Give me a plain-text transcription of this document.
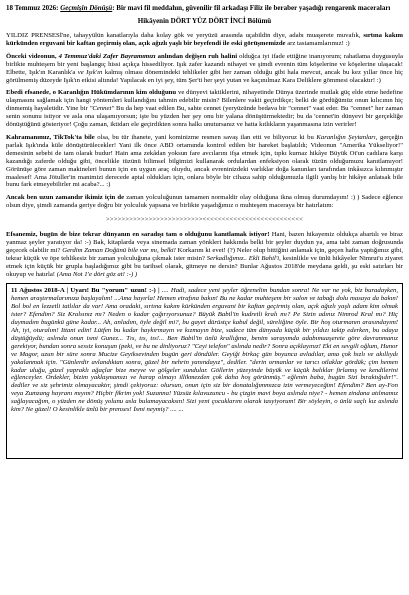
18 Temmuz 2026: Geçmişin Dönüşü: Bir mavi fil meddahın, güvenilir fil arkadaşı Filiz ile beraber yaşadığı rengarenk maceraları
Hikâyenin DÖRT YÜZ DÖRT İNCİ Bölümü

YILDIZ PRENSESİ'ne, tahayyülün kanatlarıyla daha kolay gök ve yeryüzü arasında uçabildin diye, adabı muaşerete muvafık, sırtına kakım kürkünden erguvani bir kaftan geçirmiş olan, açık ağızlı yaşlı bir beyefendi ile eski görüşmemizde arz tastamamlarımız! :)

Önceki videonun, 4 Temmuz'daki Zafer Bayramımızı anlından değişen ruh halini olduğca iyi ifade ettiğine inanıyorum; rahatlama duygusuyla birlikte muhteşem bir yeni başlangıç hissi açıkça hissediliyor. Işık zafer kazandı nihayet ve şimdi evrenin tüm köşelerine ve köşelerine ulaşacak! Elbette, Işık'ın Karanlık'a ve Işık'ın kalmış olması dönemindeki tehlikeler gibi her zaman olduğu gibi hala mevcut, ancak bu kez yıllar önce hiç görülmemiş düzeyde Işık'ın etkisi altında! Yapılacak en iyi şey, tüm Şer'ti her şeyi yutan ve kaçınılmaz Kara Deliklere gömmesi olacaktır! :)

Ebedi efsanede, o Karanlığın Hükümdarının kim olduğunu ve dünyevi taktiklerini, nihayetinde Dünya üzerinde mutlak güç elde etme hedefine ulaşmasını sağlamak için hangi yöntemleri kullandığını tahmin edebilir misin? Bilenlere vakit geçirdikçe; belki de gördüğümüz onun kılıcının hiç dinmemiş hayaletidir. Yine bir "Cennet" Bu da hep vaat edilen Bu, sahte cennet (yeryüzünde bedava bir "cennet" vaat eder. Bu "cennet" her zaman senin sonunu istiyor ve asla ona ulaşamıyorsun; işte bu yüzden her şey onu bir yalana dönüştürmektedir; bu da 'cennet'in dünyevi bir gerçekliğe dönüştüğünü gösteriyor! Çoğu zaman, iktidarı ele geçirdikten sonra halkı unutursanız ve hatta kıtlıkların yaşanmasına izin verirler!

Kahramanımız, TikTok'ta bile olsa, bu tür ihanete, yani kominizme resmen savaş ilan etti ve biliyoruz ki bu Karanlığın Şeytanları, gerçeğin parlak Işık'ında küle dönüştürülecekler! Yani ilk önce ABD ortamında kontrol edilen bir hareket başlatıldı; Videonun "Amerika Yükseliyor!" demesinin sebebi de tam olarak budur! Hain ama zekâdan yoksun fare avcılarını ifşa etmek için, tıpkı kurnaz hikâye Büyük Ot'un cadılara karşı kazandığı zaferde olduğu gibi, öncelikle tüzünü bilimsel bilgimizi kullanarak ordulardan enfeksiyon olarak tüzün olduğumuzu kanıtlamıyor! Görünüşe göre zaman makineleri bunun için en uygun araç oluydu, ancak evreninizdeki varlıklar doğa kanunları tarafından inkâsızca kılınmıştır maalesef! Ama Jötuller'in manimizi derecede aptal oldukları için, onlara böyle bir cihaza sahip olduğumuzla ilgili yanlış bir hikâye anlatsak bile bunu fark etmeyebilirler mi acaba?... :)

Ancak ben uzun zamandır ikimiz için de zaman yolculuğunun tamamen normaldir olay olduğuna ikna olmuş durumdayım! :) ) Sadece eğlence olsun diye, şimdi zamanda geriye doğru bir yolculuk yapsana ve birlikte yaşadığımız o muhteşem maceraya bir hatırlatım:

>>>>>>>>>>>>>>>>>>>>>>>>><<<<<<<<<<<<<<<<<<<<<<<<<<

Efsanemiz, bugün de bize tekrar dünyanın en saradışı tam o olduğunu kanıtlamak istiyor! Hani, bazen hikayemiz oldukça abartılı ve biraz yanmaz şeyler yaratıyor da! :-) Bak, kitaplarda veya sinemada zaman yönkleri hakkında belki bir şeyler duydun ya, ama tabi zaman doğrusunda geçecek olabilir mi? Gerdim Zaman Doğünü bile var mı, belki! Korkarım ki evet! (?) Neler olup bittiğini anlamak için, geçen hafta yaptığımız gibi, tekrar küçük ve öpe tehlikesiz bir zaman yolculuğuna çıkmak ister misin? Serkadlığımız.. Ekli Bahil'i, kesinlikle ve ünlü hikâyeler Nimrut'u ziyaret etmek için küçük bir grupla başladığımız gibi bu tarihsel olarak, gitmeye ne dersin? Bunlar Ağustos 2018'de meydana geldi, şu eski satırları bir okuyup ve hatırla! (Ama Not 1'e dört göz at! :-) )

11 Ağustos 2018-A | Uyarı! Bu "yorum" uzun! :-) | .... Hadi, sadece yeni şeyler öğrenelim bundan sonra! Ne var ne yok, biz buradayken, hemen araştırmalarımıza başlayalım! ...Ama hayırla! Hemen etrafına bakın! Bu ne kadar muhteşem bir salon ve tabağı dolu masaya da bakın! Bol bol en lezzetli tatlılar da var! Ama oradaki, sırtına kakım kürkünden erguvani bir kaftan geçirmiş olan, açık ağızlı yaşlı adam kim olmak ister? Efendim? Siz Kralsınız mı? Neden o kadar çağırıyorsunuz? Büyük Babil'in kudretli kralı mı? Pe Sizin adınız Nimrod Kral mı? Hiç duymadım bugünkü güne kadar... Ah, anladım, öyle değil mi?, bu gayet dürüstçe kabul değil, süreliğine öyle. Bir hoş oturmanın arasındayım! Ah, iyi, oturalım! Ittani edin! Lütfen bu kadar haykırmayın ve kızmayın bize, sadece tüm dünyada küçük bir yıldızı takip ederken, bu odaya düştüğüydü; aslında onun ismi Gunez... Tıs, tıs, tıs!... Ben Babil'in ünlü krallığına, benim sarayımda adabımuaşerete göre davranmanız gerekiyor, bundan sonra sessiz konuşun (peki, ve bu ne dinliyoruz? "Ceyi telefon" aslında nedir? Sonra açıklayınız! Eki en sevgili oğlum, Hunor ve Magor, uzun bir süre sonra Mucize Geyiksevinden bugün geri döndüler. Geyiği birkaç gün boyunca avladılar, ama çok hızlı ve akıllıydı yakalanmak için. "Günlerdir avlandıktan sonra, güzel bir nehrin yanındayız", dediler. "derin ormanlar ve tarıcı otlaklar gördük; çim hemen kadar uluğu, güzel yapraklı ağaçlar bize meyve ve gölgeler sundular. Göllerin yüzeyinde büyük ve küçük balıklar firlamış ve kendilerini eğlenceyler. Ördekler, bizim yaklaşmamızı ve harap olmayı illikmezden çok daha hoş görünmüş." eğlenin baba, bugün Sizi bıraktığıdır!". dediler ve siz şehrimiz olmayacaktır, şimdi çekiyoruz: olursun, onun için siz bir donatalığımmızca izin vermeyeceğim! Efendim? Ben ay-Fon veya Zumzang hayranı mıyım? Hiçbir fikrim yok! Suzanna! Yüzsüz kılavuzuncu - bu çizgin mavi boya aslında niye? - hemen zindana atılmamız sağlayacağım, o yüzden ne dönüş yolunu asla bulamayacaksın! Sizi yeni çocuklarım olarak tasyiyorum! Bir söyleyin, o ünlü saçlı kız aslında kim? Ne güzel! O kesinlikle ünlü bir prenses! İsmi neymiş? .... ...
